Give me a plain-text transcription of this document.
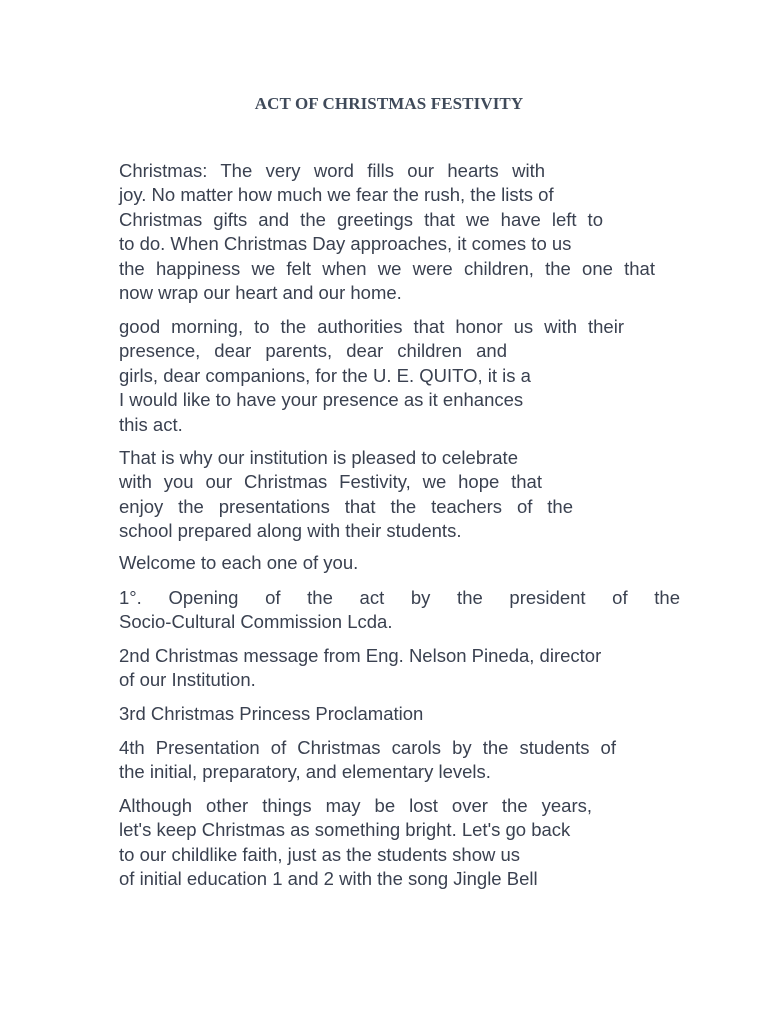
ACT OF CHRISTMAS FESTIVITY
Christmas: The very word fills our hearts with
joy. No matter how much we fear the rush, the lists of
Christmas gifts and the greetings that we have left to
to do. When Christmas Day approaches, it comes to us
the happiness we felt when we were children, the one that
now wrap our heart and our home.
good morning, to the authorities that honor us with their
presence, dear parents, dear children and
girls, dear companions, for the U. E. QUITO, it is a
I would like to have your presence as it enhances
this act.
That is why our institution is pleased to celebrate
with you our Christmas Festivity, we hope that
enjoy the presentations that the teachers of the
school prepared along with their students.
Welcome to each one of you.
1°. Opening of the act by the president of the
Socio-Cultural Commission Lcda.
2nd Christmas message from Eng. Nelson Pineda, director
of our Institution.
3rd Christmas Princess Proclamation
4th Presentation of Christmas carols by the students of
the initial, preparatory, and elementary levels.
Although other things may be lost over the years,
let's keep Christmas as something bright. Let's go back
to our childlike faith, just as the students show us
of initial education 1 and 2 with the song Jingle Bell
